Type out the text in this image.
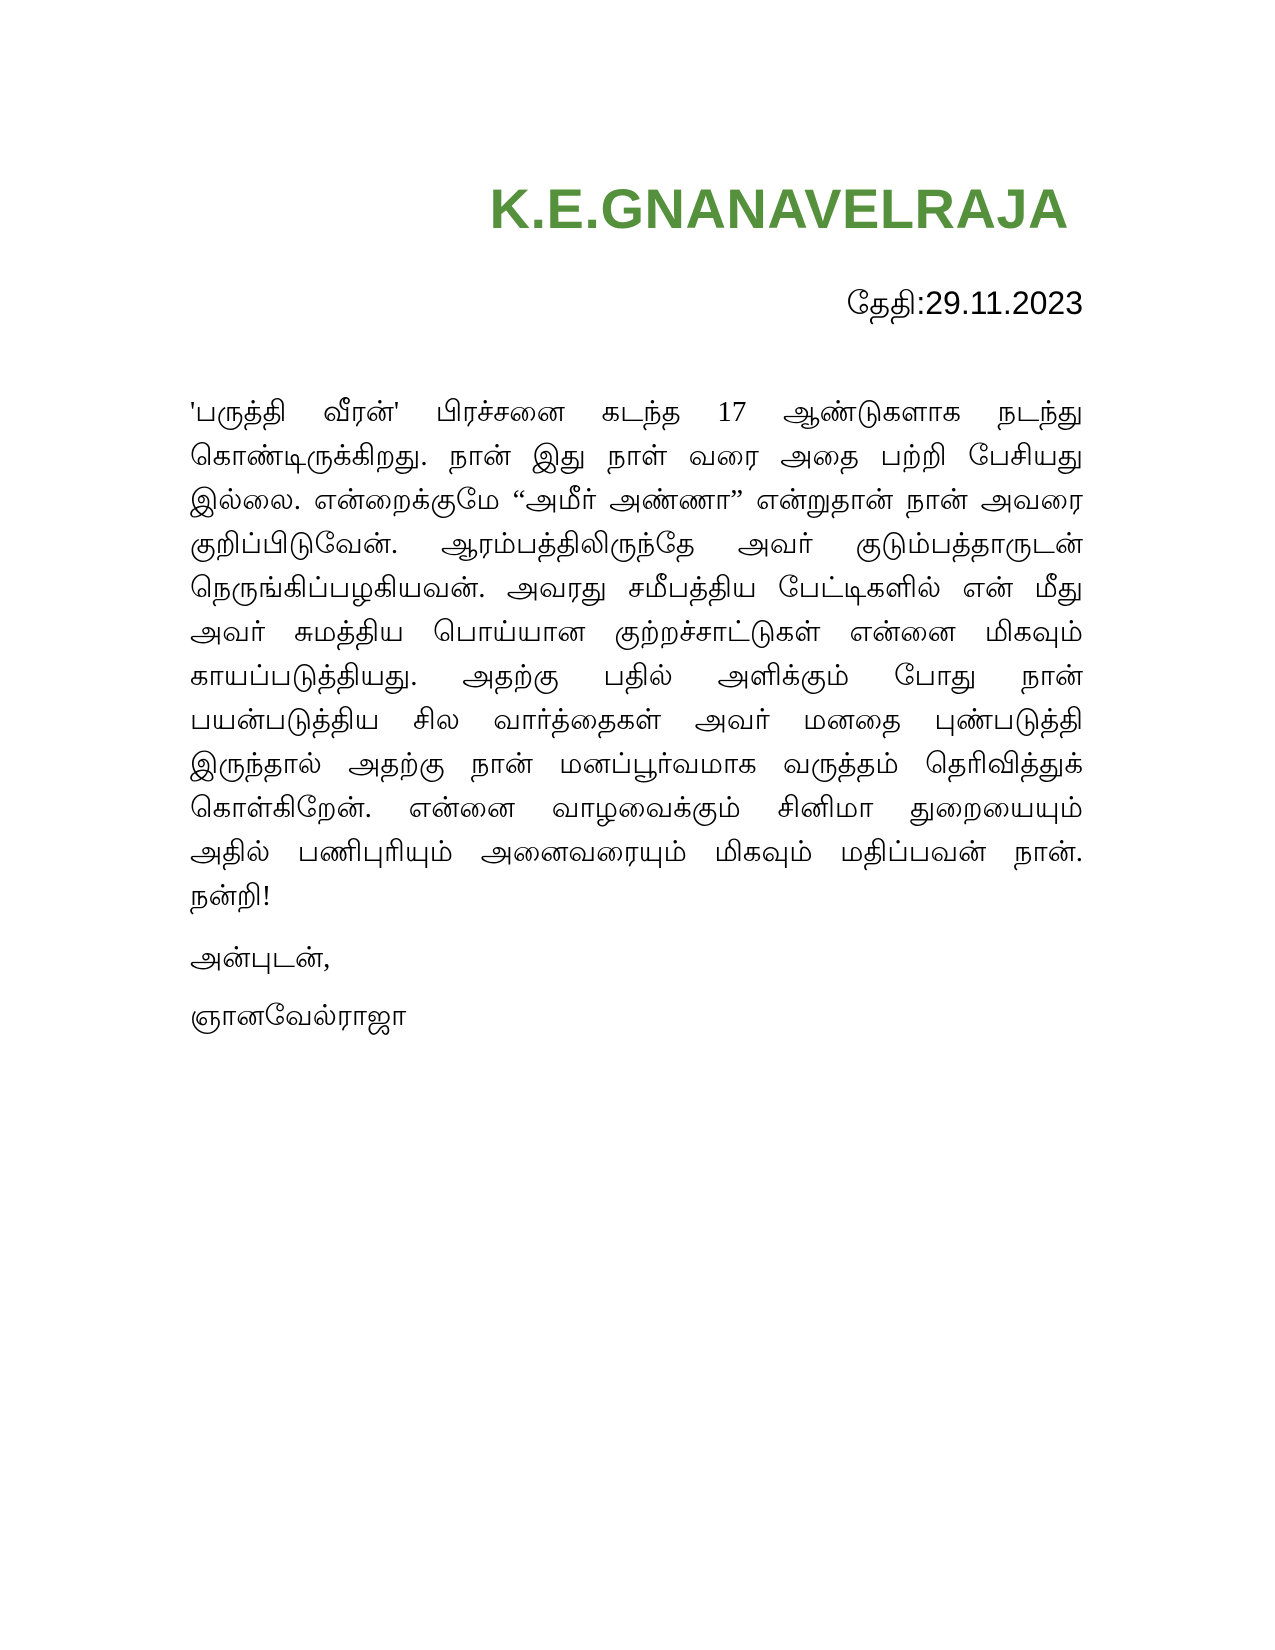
K.E.GNANAVELRAJA
தேதி:29.11.2023
'பருத்தி வீரன்' பிரச்சனை கடந்த 17 ஆண்டுகளாக நடந்து
கொண்டிருக்கிறது. நான் இது நாள் வரை அதை பற்றி பேசியது
இல்லை. என்றைக்குமே “அமீர் அண்ணா” என்றுதான் நான் அவரை
குறிப்பிடுவேன். ஆரம்பத்திலிருந்தே அவர் குடும்பத்தாருடன்
நெருங்கிப்பழகியவன். அவரது சமீபத்திய பேட்டிகளில் என் மீது
அவர் சுமத்திய பொய்யான குற்றச்சாட்டுகள் என்னை மிகவும்
காயப்படுத்தியது. அதற்கு பதில் அளிக்கும் போது நான்
பயன்படுத்திய சில வார்த்தைகள் அவர் மனதை புண்படுத்தி
இருந்தால் அதற்கு நான் மனப்பூர்வமாக வருத்தம் தெரிவித்துக்
கொள்கிறேன். என்னை வாழவைக்கும் சினிமா துறையையும்
அதில் பணிபுரியும் அனைவரையும் மிகவும் மதிப்பவன் நான்.
நன்றி!
அன்புடன்,
ஞானவேல்ராஜா
